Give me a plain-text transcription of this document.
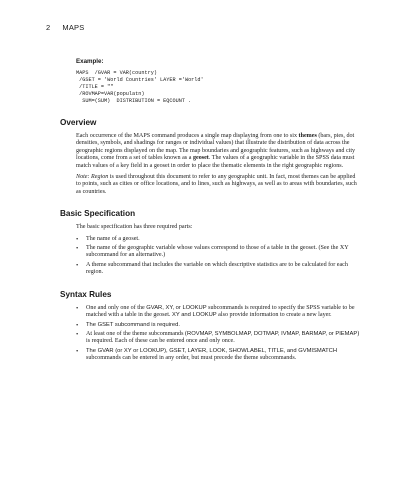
2 MAPS
Example:
MAPS  /GVAR = VAR(country)
/GSET = 'World Countries' LAYER ='World'
/TITLE = ""
/ROVMAP=VAR(populatn)
SUM=(SUM)  DISTRIBUTION = EQCOUNT .
Overview

Each occurrence of the MAPS command produces a single map displaying from one to six themes (bars, pies, dot densities, symbols, and shadings for ranges or individual values) that illustrate the distribution of data across the geographic regions displayed on the map. The map boundaries and geographic features, such as highways and city locations, come from a set of tables known as a geoset. The values of a geographic variable in the SPSS data must match values of a key field in a geoset in order to place the thematic elements in the right geographic regions.

Note: Region is used throughout this document to refer to any geographic unit. In fact, most themes can be applied to points, such as cities or office locations, and to lines, such as highways, as well as to areas with boundaries, such as countries.

Basic Specification

The basic specification has three required parts:

• The name of a geoset.
• The name of the geographic variable whose values correspond to those of a table in the geoset. (See the XY subcommand for an alternative.)
• A theme subcommand that includes the variable on which descriptive statistics are to be calculated for each region.
Syntax Rules
• One and only one of the GVAR, XY, or LOOKUP subcommands is required to specify the SPSS variable to be matched with a table in the geoset. XY and LOOKUP also provide information to create a new layer.
• The GSET subcommand is required.
• At least one of the theme subcommands (ROVMAP, SYMBOLMAP, DOTMAP, IVMAP, BARMAP, or PIEMAP) is required. Each of these can be entered once and only once.
• The GVAR (or XY or LOOKUP), GSET, LAYER, LOOK, SHOWLABEL, TITLE, and GVMISMATCH subcommands can be entered in any order, but must precede the theme subcommands.
